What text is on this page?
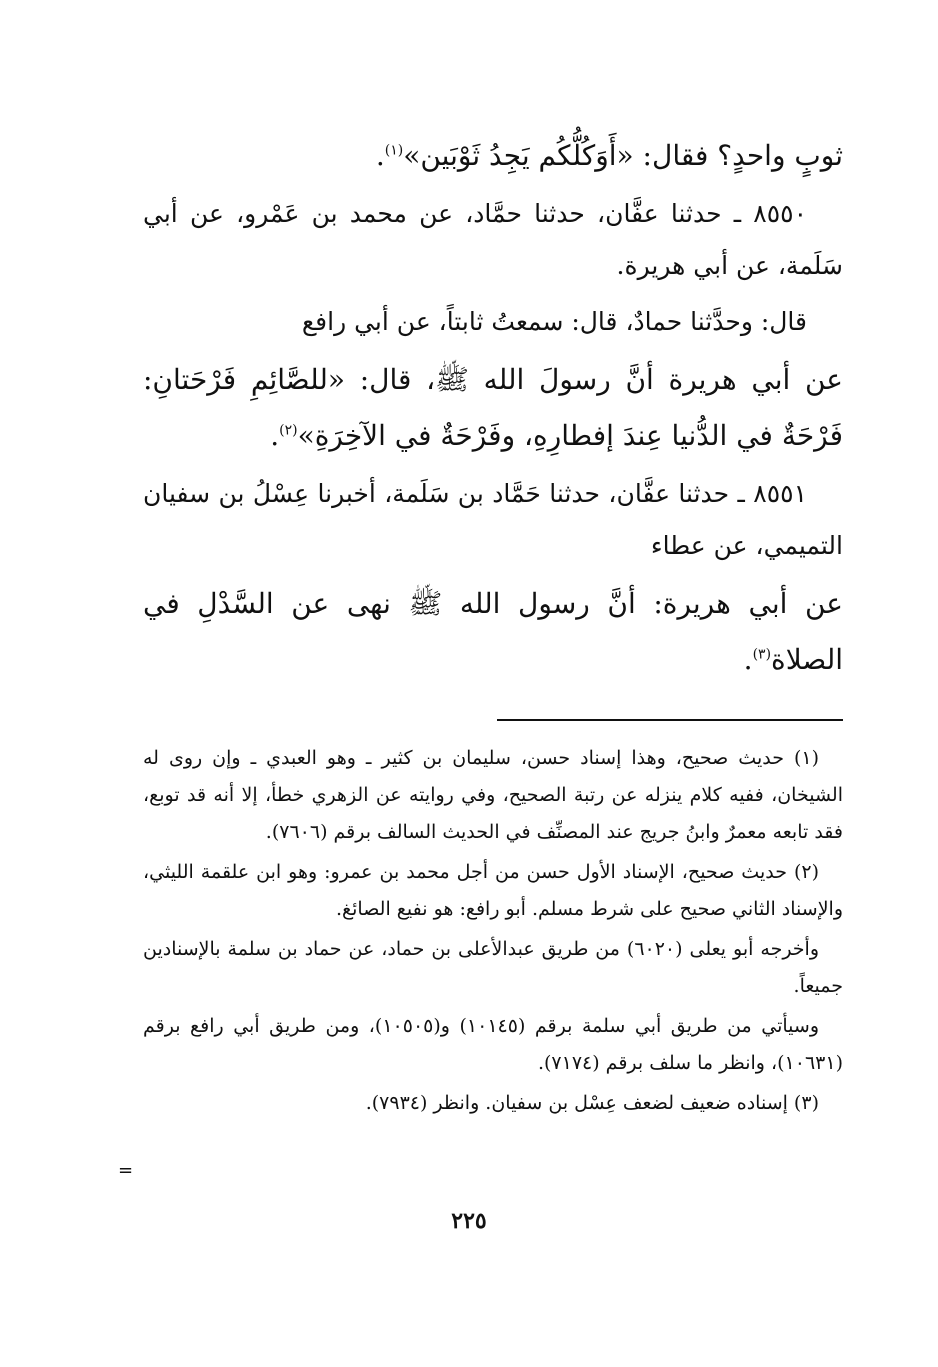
ثوبٍ واحدٍ؟ فقال: «أَوَكُلُّكُم يَجِدُ ثَوْبَين»$^{(١)}$.

٨٥٥٠ ـ حدثنا عفَّان، حدثنا حمَّاد، عن محمد بن عَمْرو، عن أبي سَلَمة، عن أبي هريرة.

قال: وحدَّثنا حمادٌ، قال: سمعتُ ثابتاً، عن أبي رافع

عن أبي هريرة أنَّ رسولَ الله ﷺ، قال: «للصَّائِمِ فَرْحَتانِ: فَرْحَةٌ في الدُّنيا عِندَ إفطارِهِ، وفَرْحَةٌ في الآخِرَةِ»$^{(٢)}$.

٨٥٥١ ـ حدثنا عفَّان، حدثنا حَمَّاد بن سَلَمة، أخبرنا عِسْلُ بن سفيان التميمي، عن عطاء

عن أبي هريرة: أنَّ رسول الله ﷺ نهى عن السَّدْلِ في الصلاة$^{(٣)}$.

(١) حديث صحيح، وهذا إسناد حسن، سليمان بن كثير ـ وهو العبدي ـ وإن روى له الشيخان، ففيه كلام ينزله عن رتبة الصحيح، وفي روايته عن الزهري خطأ، إلا أنه قد توبع، فقد تابعه معمرٌ وابنُ جريج عند المصنِّف في الحديث السالف برقم (٧٦٠٦).

(٢) حديث صحيح، الإسناد الأول حسن من أجل محمد بن عمرو: وهو ابن علقمة الليثي، والإسناد الثاني صحيح على شرط مسلم. أبو رافع: هو نفيع الصائغ.

وأخرجه أبو يعلى (٦٠٢٠) من طريق عبدالأعلى بن حماد، عن حماد بن سلمة بالإسنادين جميعاً.

وسيأتي من طريق أبي سلمة برقم (١٠١٤٥) و(١٠٥٠٥)، ومن طريق أبي رافع برقم (١٠٦٣١)، وانظر ما سلف برقم (٧١٧٤).

(٣) إسناده ضعيف لضعف عِسْل بن سفيان. وانظر (٧٩٣٤).

=
٢٢٥
